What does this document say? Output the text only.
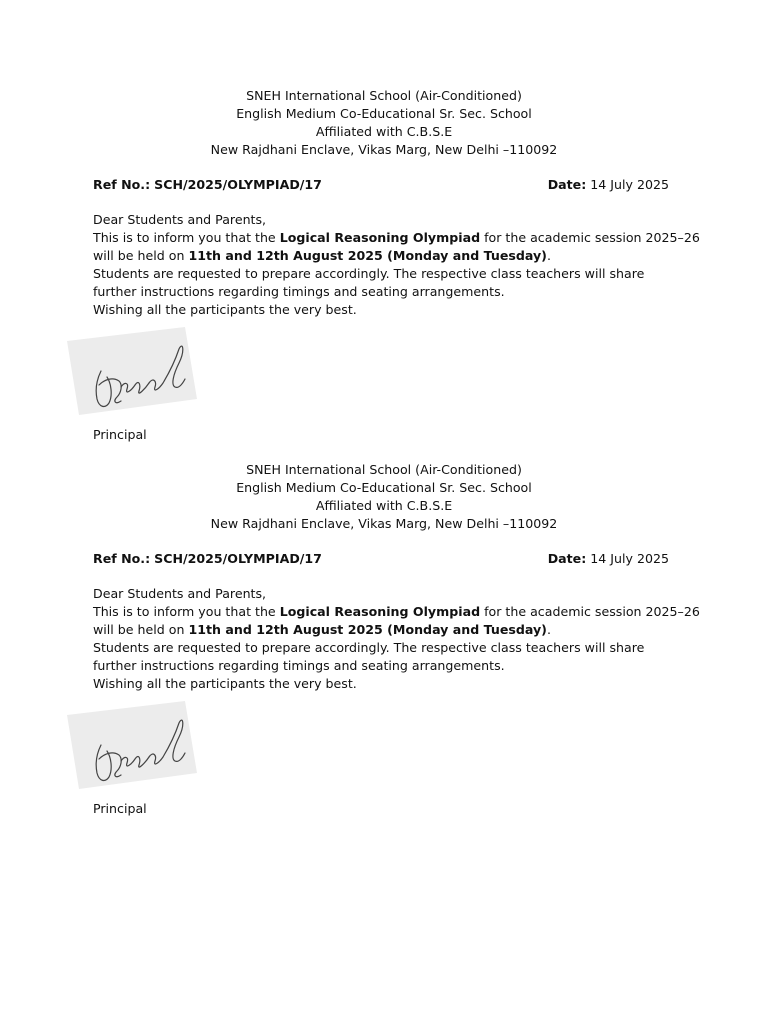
SNEH International School (Air-Conditioned)
English Medium Co-Educational Sr. Sec. School
Affiliated with C.B.S.E
New Rajdhani Enclave, Vikas Marg, New Delhi –110092
Ref No.: SCH/2025/OLYMPIAD/17	Date: 14 July 2025
Dear Students and Parents,
This is to inform you that the Logical Reasoning Olympiad for the academic session 2025–26
will be held on 11th and 12th August 2025 (Monday and Tuesday).
Students are requested to prepare accordingly. The respective class teachers will share
further instructions regarding timings and seating arrangements.
Wishing all the participants the very best.
Principal
SNEH International School (Air-Conditioned)
English Medium Co-Educational Sr. Sec. School
Affiliated with C.B.S.E
New Rajdhani Enclave, Vikas Marg, New Delhi –110092
Ref No.: SCH/2025/OLYMPIAD/17	Date: 14 July 2025
Dear Students and Parents,
This is to inform you that the Logical Reasoning Olympiad for the academic session 2025–26
will be held on 11th and 12th August 2025 (Monday and Tuesday).
Students are requested to prepare accordingly. The respective class teachers will share
further instructions regarding timings and seating arrangements.
Wishing all the participants the very best.
Principal
